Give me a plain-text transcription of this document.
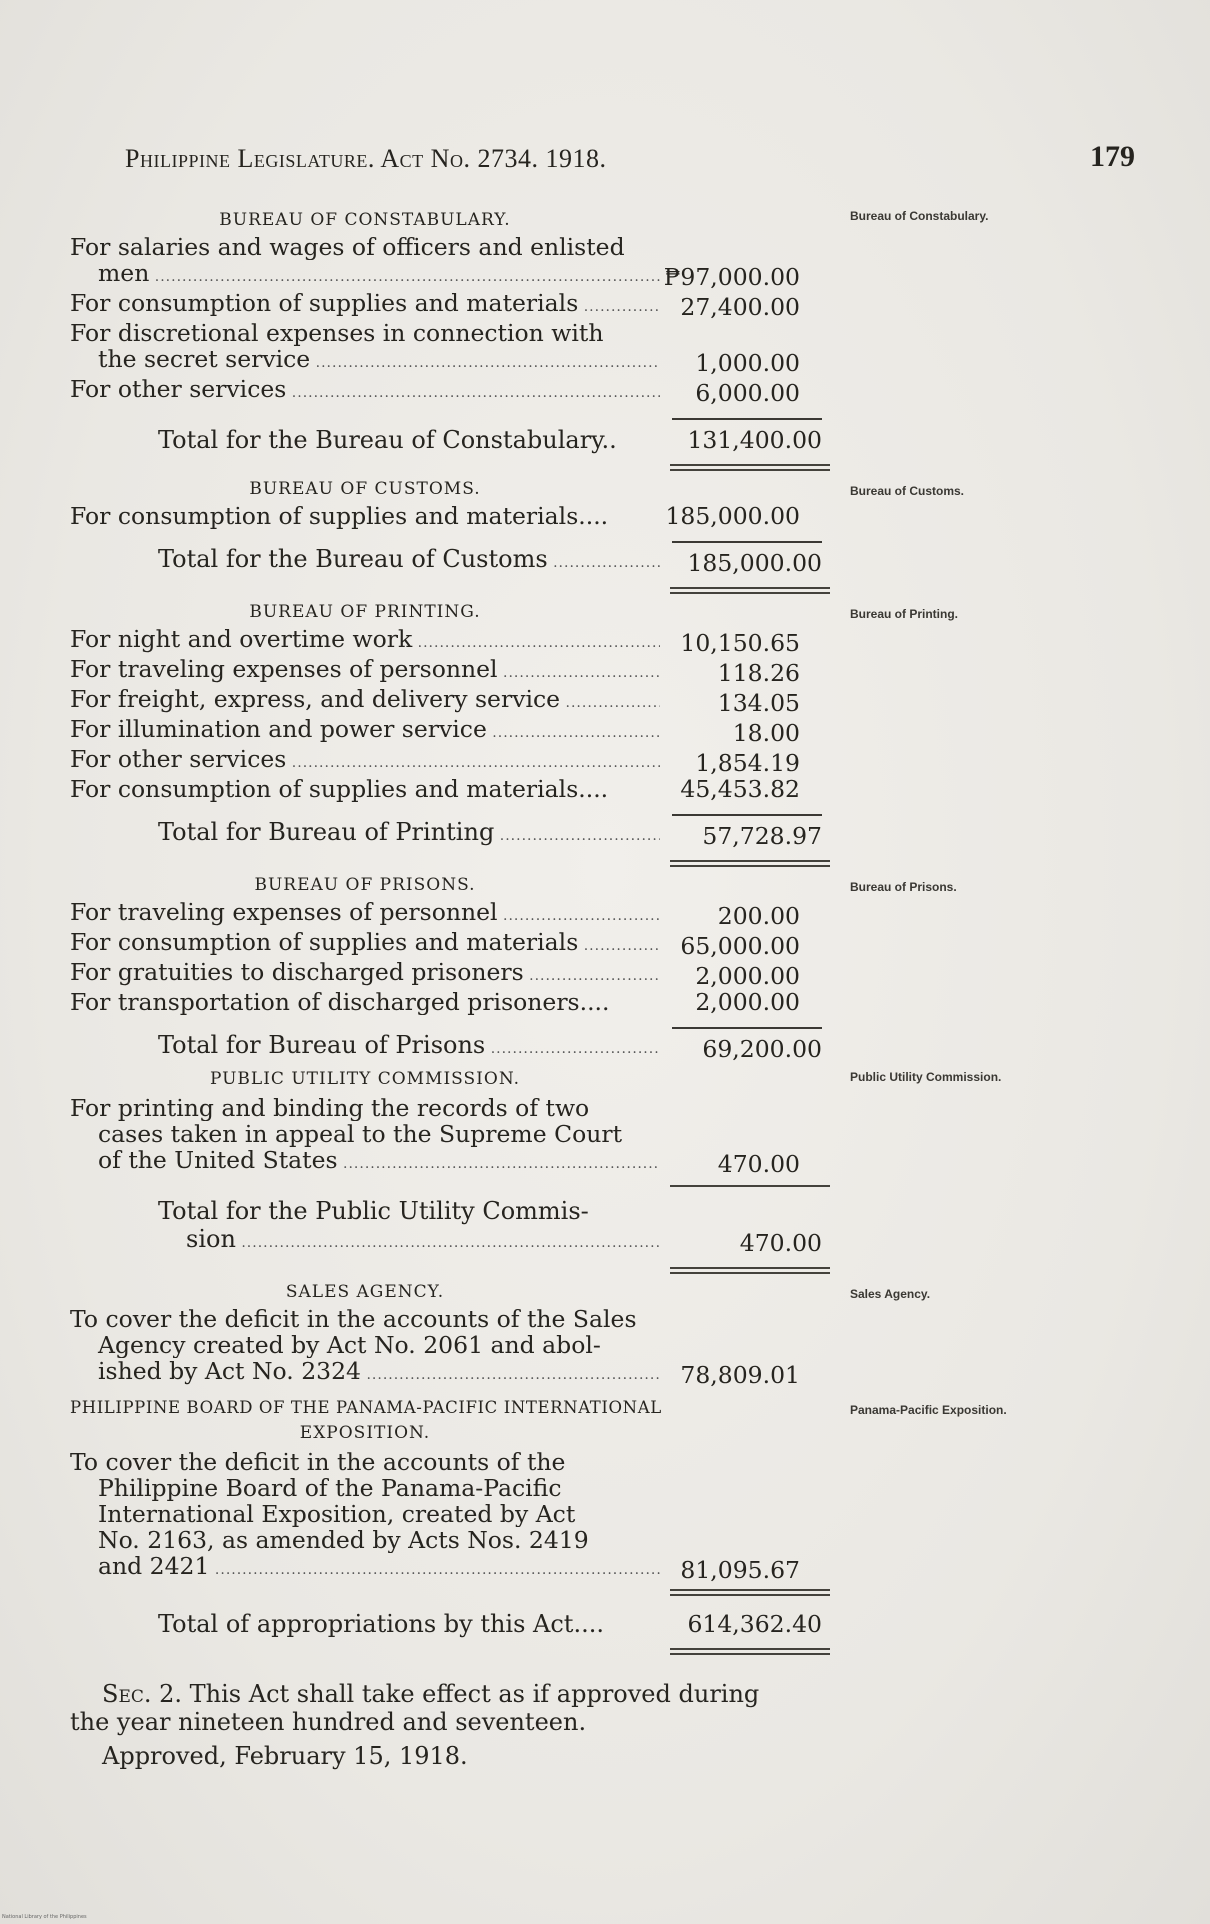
Philippine Legislature. Act No. 2734. 1918.	179
Bureau of Constabulary.
BUREAU OF CONSTABULARY.
For salaries and wages of officers and enlisted
men .....	₱97,000.00
For consumption of supplies and materials .....	27,400.00
For discretional expenses in connection with
the secret service .....	1,000.00
For other services .....	6,000.00
Total for the Bureau of Constabulary..	131,400.00
Bureau of Customs.
BUREAU OF CUSTOMS.
For consumption of supplies and materials....	185,000.00
Total for the Bureau of Customs .....	185,000.00
Bureau of Printing.
BUREAU OF PRINTING.
For night and overtime work .....	10,150.65
For traveling expenses of personnel .....	118.26
For freight, express, and delivery service .....	134.05
For illumination and power service .....	18.00
For other services .....	1,854.19
For consumption of supplies and materials....	45,453.82
Total for Bureau of Printing .....	57,728.97
Bureau of Prisons.
BUREAU OF PRISONS.
For traveling expenses of personnel .....	200.00
For consumption of supplies and materials .....	65,000.00
For gratuities to discharged prisoners .....	2,000.00
For transportation of discharged prisoners....	2,000.00
Total for Bureau of Prisons .....	69,200.00
Public Utility Commission.
PUBLIC UTILITY COMMISSION.
For printing and binding the records of two
cases taken in appeal to the Supreme Court
of the United States .....	470.00
Total for the Public Utility Commis-
sion .....	470.00
Sales Agency.
SALES AGENCY.
To cover the deficit in the accounts of the Sales
Agency created by Act No. 2061 and abol-
ished by Act No. 2324 .....	78,809.01
Panama-Pacific Exposition.
PHILIPPINE BOARD OF THE PANAMA-PACIFIC INTERNATIONAL
EXPOSITION.
To cover the deficit in the accounts of the
Philippine Board of the Panama-Pacific
International Exposition, created by Act
No. 2163, as amended by Acts Nos. 2419
and 2421 .....	81,095.67
Total of appropriations by this Act....	614,362.40
Sec. 2. This Act shall take effect as if approved during
the year nineteen hundred and seventeen.
Approved, February 15, 1918.
National Library of the Philippines
